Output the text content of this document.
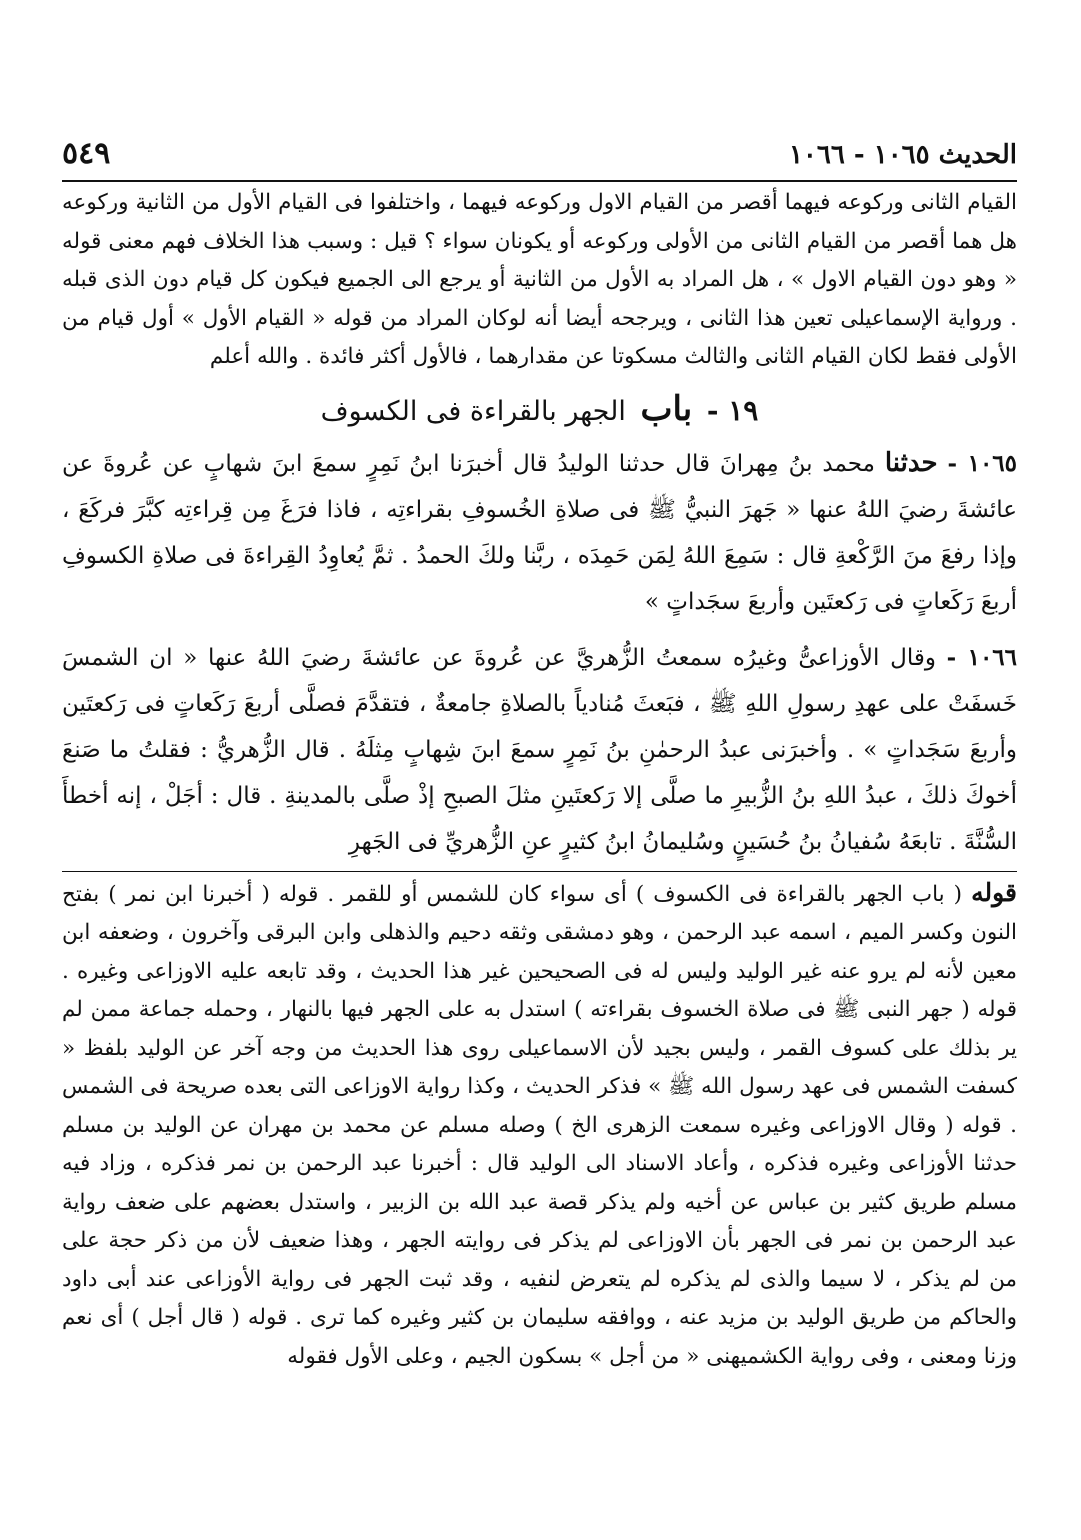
الحديث ١٠٦٥ - ١٠٦٦
٥٤٩

القيام الثانى وركوعه فيهما أقصر من القيام الاول وركوعه فيهما ، واختلفوا فى القيام الأول من الثانية وركوعه هل هما أقصر من القيام الثانى من الأولى وركوعه أو يكونان سواء ؟ قيل : وسبب هذا الخلاف فهم معنى قوله « وهو دون القيام الاول » ، هل المراد به الأول من الثانية أو يرجع الى الجميع فيكون كل قيام دون الذى قبله . ورواية الإسماعيلى تعين هذا الثانى ، ويرجحه أيضا أنه لوكان المراد من قوله « القيام الأول » أول قيام من الأولى فقط لكان القيام الثانى والثالث مسكوتا عن مقدارهما ، فالأول أكثر فائدة . والله أعلم

١٩ - باب الجهر بالقراءة فى الكسوف

١٠٦٥ - حدثنا محمد بنُ مِهرانَ قال حدثنا الوليدُ قال أخبرَنا ابنُ نَمِرٍ سمعَ ابنَ شهابٍ عن عُروةَ عن عائشةَ رضيَ اللهُ عنها « جَهرَ النبيُّ ﷺ فى صلاةِ الخُسوفِ بقراءتِه ، فاذا فرَغَ مِن قِراءتِه كبَّرَ فركَعَ ، وإذا رفعَ منَ الرَّكْعةِ قال : سَمِعَ اللهُ لِمَن حَمِدَه ، ربَّنا ولكَ الحمدُ . ثمَّ يُعاوِدُ القِراءةَ فى صلاةِ الكسوفِ أربعَ رَكَعاتٍ فى رَكعتَين وأربعَ سجَداتٍ »

١٠٦٦ - وقال الأوزاعىُّ وغيرُه سمعتُ الزُّهريَّ عن عُروةَ عن عائشةَ رضيَ اللهُ عنها « ان الشمسَ خَسفَتْ على عهدِ رسولِ اللهِ ﷺ ، فبَعثَ مُنادياً بالصلاةِ جامعةٌ ، فتقدَّمَ فصلَّى أربعَ رَكَعاتٍ فى رَكعتَين وأربعَ سَجَداتٍ » . وأخبرَنى عبدُ الرحمٰنِ بنُ نَمِرٍ سمعَ ابنَ شِهابٍ مِثلَهُ . قال الزُّهريُّ : فقلتُ ما صَنعَ أخوكَ ذلكَ ، عبدُ اللهِ بنُ الزُّبيرِ ما صلَّى إلا رَكعتَينِ مثلَ الصبحِ إذْ صلَّى بالمدينةِ . قال : أجَلْ ، إنه أخطأَ السُّنَّةَ . تابعَهُ سُفيانُ بنُ حُسَينٍ وسُليمانُ ابنُ كثيرٍ عنِ الزُّهريِّ فى الجَهرِ

قوله ( باب الجهر بالقراءة فى الكسوف ) أى سواء كان للشمس أو للقمر . قوله ( أخبرنا ابن نمر ) بفتح النون وكسر الميم ، اسمه عبد الرحمن ، وهو دمشقى وثقه دحيم والذهلى وابن البرقى وآخرون ، وضعفه ابن معين لأنه لم يرو عنه غير الوليد وليس له فى الصحيحين غير هذا الحديث ، وقد تابعه عليه الاوزاعى وغيره . قوله ( جهر النبى ﷺ فى صلاة الخسوف بقراءته ) استدل به على الجهر فيها بالنهار ، وحمله جماعة ممن لم ير بذلك على كسوف القمر ، وليس بجيد لأن الاسماعيلى روى هذا الحديث من وجه آخر عن الوليد بلفظ « كسفت الشمس فى عهد رسول الله ﷺ » فذكر الحديث ، وكذا رواية الاوزاعى التى بعده صريحة فى الشمس . قوله ( وقال الاوزاعى وغيره سمعت الزهرى الخ ) وصله مسلم عن محمد بن مهران عن الوليد بن مسلم حدثنا الأوزاعى وغيره فذكره ، وأعاد الاسناد الى الوليد قال : أخبرنا عبد الرحمن بن نمر فذكره ، وزاد فيه مسلم طريق كثير بن عباس عن أخيه ولم يذكر قصة عبد الله بن الزبير ، واستدل بعضهم على ضعف رواية عبد الرحمن بن نمر فى الجهر بأن الاوزاعى لم يذكر فى روايته الجهر ، وهذا ضعيف لأن من ذكر حجة على من لم يذكر ، لا سيما والذى لم يذكره لم يتعرض لنفيه ، وقد ثبت الجهر فى رواية الأوزاعى عند أبى داود والحاكم من طريق الوليد بن مزيد عنه ، ووافقه سليمان بن كثير وغيره كما ترى . قوله ( قال أجل ) أى نعم وزنا ومعنى ، وفى رواية الكشميهنى « من أجل » بسكون الجيم ، وعلى الأول فقوله
